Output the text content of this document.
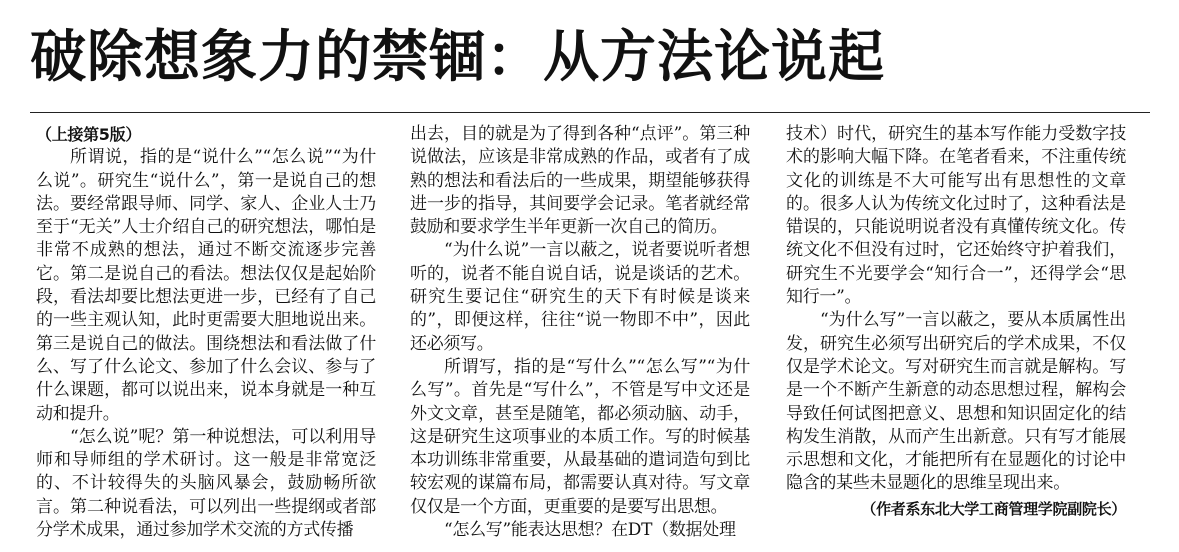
破除想象力的禁锢：从方法论说起

（上接第5版）

所谓说，指的是“说什么”“怎么说”“为什么说”。研究生“说什么”，第一是说自己的想法。要经常跟导师、同学、家人、企业人士乃至于“无关”人士介绍自己的研究想法，哪怕是非常不成熟的想法，通过不断交流逐步完善它。第二是说自己的看法。想法仅仅是起始阶段，看法却要比想法更进一步，已经有了自己的一些主观认知，此时更需要大胆地说出来。第三是说自己的做法。围绕想法和看法做了什么、写了什么论文、参加了什么会议、参与了什么课题，都可以说出来，说本身就是一种互动和提升。

“怎么说”呢？第一种说想法，可以利用导师和导师组的学术研讨。这一般是非常宽泛的、不计较得失的头脑风暴会，鼓励畅所欲言。第二种说看法，可以列出一些提纲或者部分学术成果，通过参加学术交流的方式传播

出去，目的就是为了得到各种“点评”。第三种说做法，应该是非常成熟的作品，或者有了成熟的想法和看法后的一些成果，期望能够获得进一步的指导，其间要学会记录。笔者就经常鼓励和要求学生半年更新一次自己的简历。

“为什么说”一言以蔽之，说者要说听者想听的，说者不能自说自话，说是谈话的艺术。研究生要记住“研究生的天下有时候是谈来的”，即便这样，往往“说一物即不中”，因此还必须写。

所谓写，指的是“写什么”“怎么写”“为什么写”。首先是“写什么”，不管是写中文还是外文文章，甚至是随笔，都必须动脑、动手，这是研究生这项事业的本质工作。写的时候基本功训练非常重要，从最基础的遣词造句到比较宏观的谋篇布局，都需要认真对待。写文章仅仅是一个方面，更重要的是要写出思想。

“怎么写”能表达思想？在DT（数据处理

技术）时代，研究生的基本写作能力受数字技术的影响大幅下降。在笔者看来，不注重传统文化的训练是不大可能写出有思想性的文章的。很多人认为传统文化过时了，这种看法是错误的，只能说明说者没有真懂传统文化。传统文化不但没有过时，它还始终守护着我们，研究生不光要学会“知行合一”，还得学会“思知行一”。

“为什么写”一言以蔽之，要从本质属性出发，研究生必须写出研究后的学术成果，不仅仅是学术论文。写对研究生而言就是解构。写是一个不断产生新意的动态思想过程，解构会导致任何试图把意义、思想和知识固定化的结构发生消散，从而产生出新意。只有写才能展示思想和文化，才能把所有在显题化的讨论中隐含的某些未显题化的思维呈现出来。

（作者系东北大学工商管理学院副院长）
